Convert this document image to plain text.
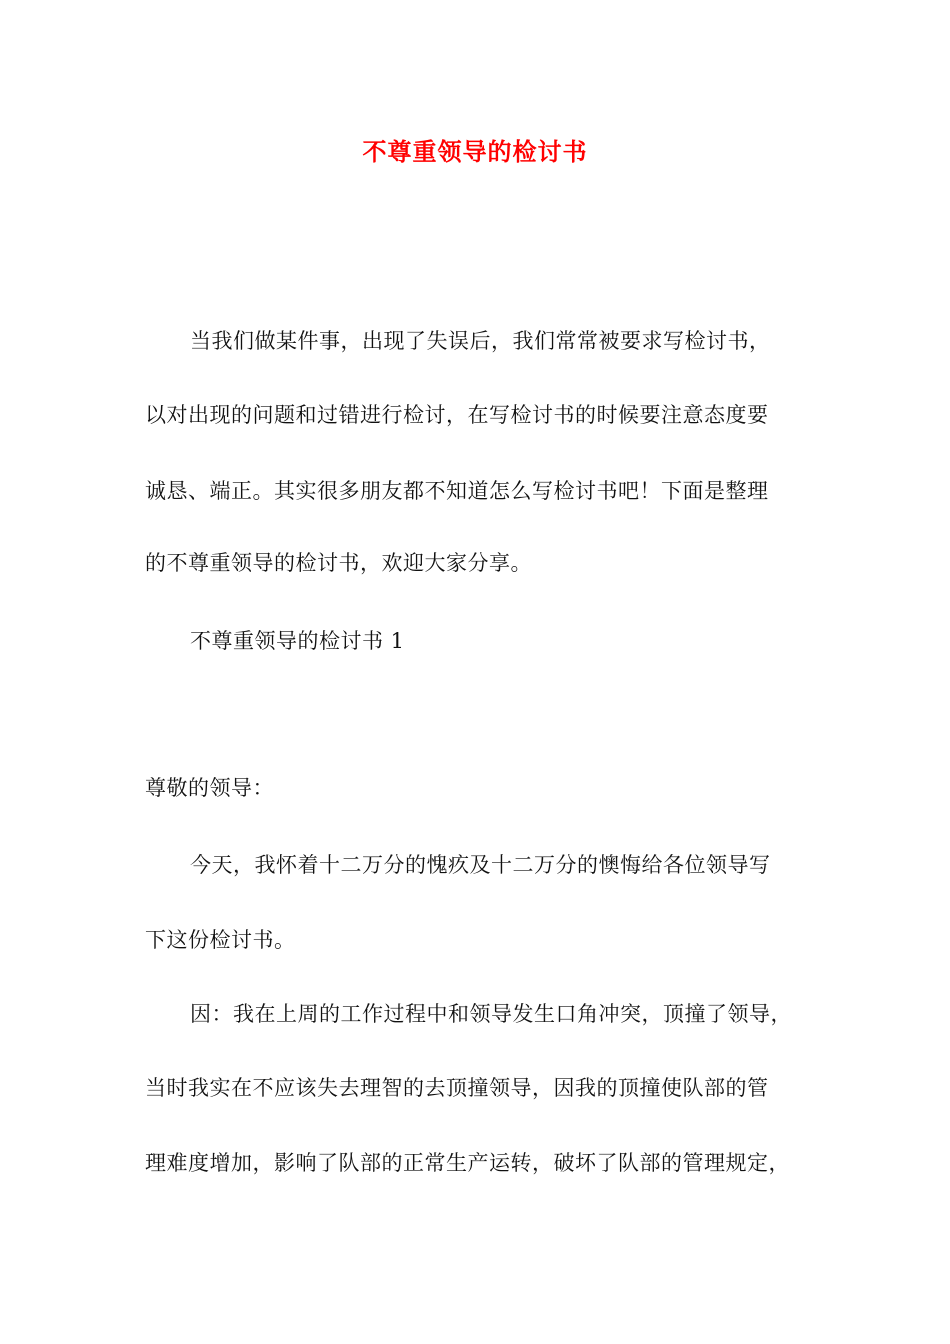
不尊重领导的检讨书
当我们做某件事，出现了失误后，我们常常被要求写检讨书，
以对出现的问题和过错进行检讨，在写检讨书的时候要注意态度要
诚恳、端正。其实很多朋友都不知道怎么写检讨书吧！下面是整理
的不尊重领导的检讨书，欢迎大家分享。
不尊重领导的检讨书 1
尊敬的领导：
今天，我怀着十二万分的愧疚及十二万分的懊悔给各位领导写
下这份检讨书。
因：我在上周的工作过程中和领导发生口角冲突，顶撞了领导，
当时我实在不应该失去理智的去顶撞领导，因我的顶撞使队部的管
理难度增加，影响了队部的正常生产运转，破坏了队部的管理规定，
